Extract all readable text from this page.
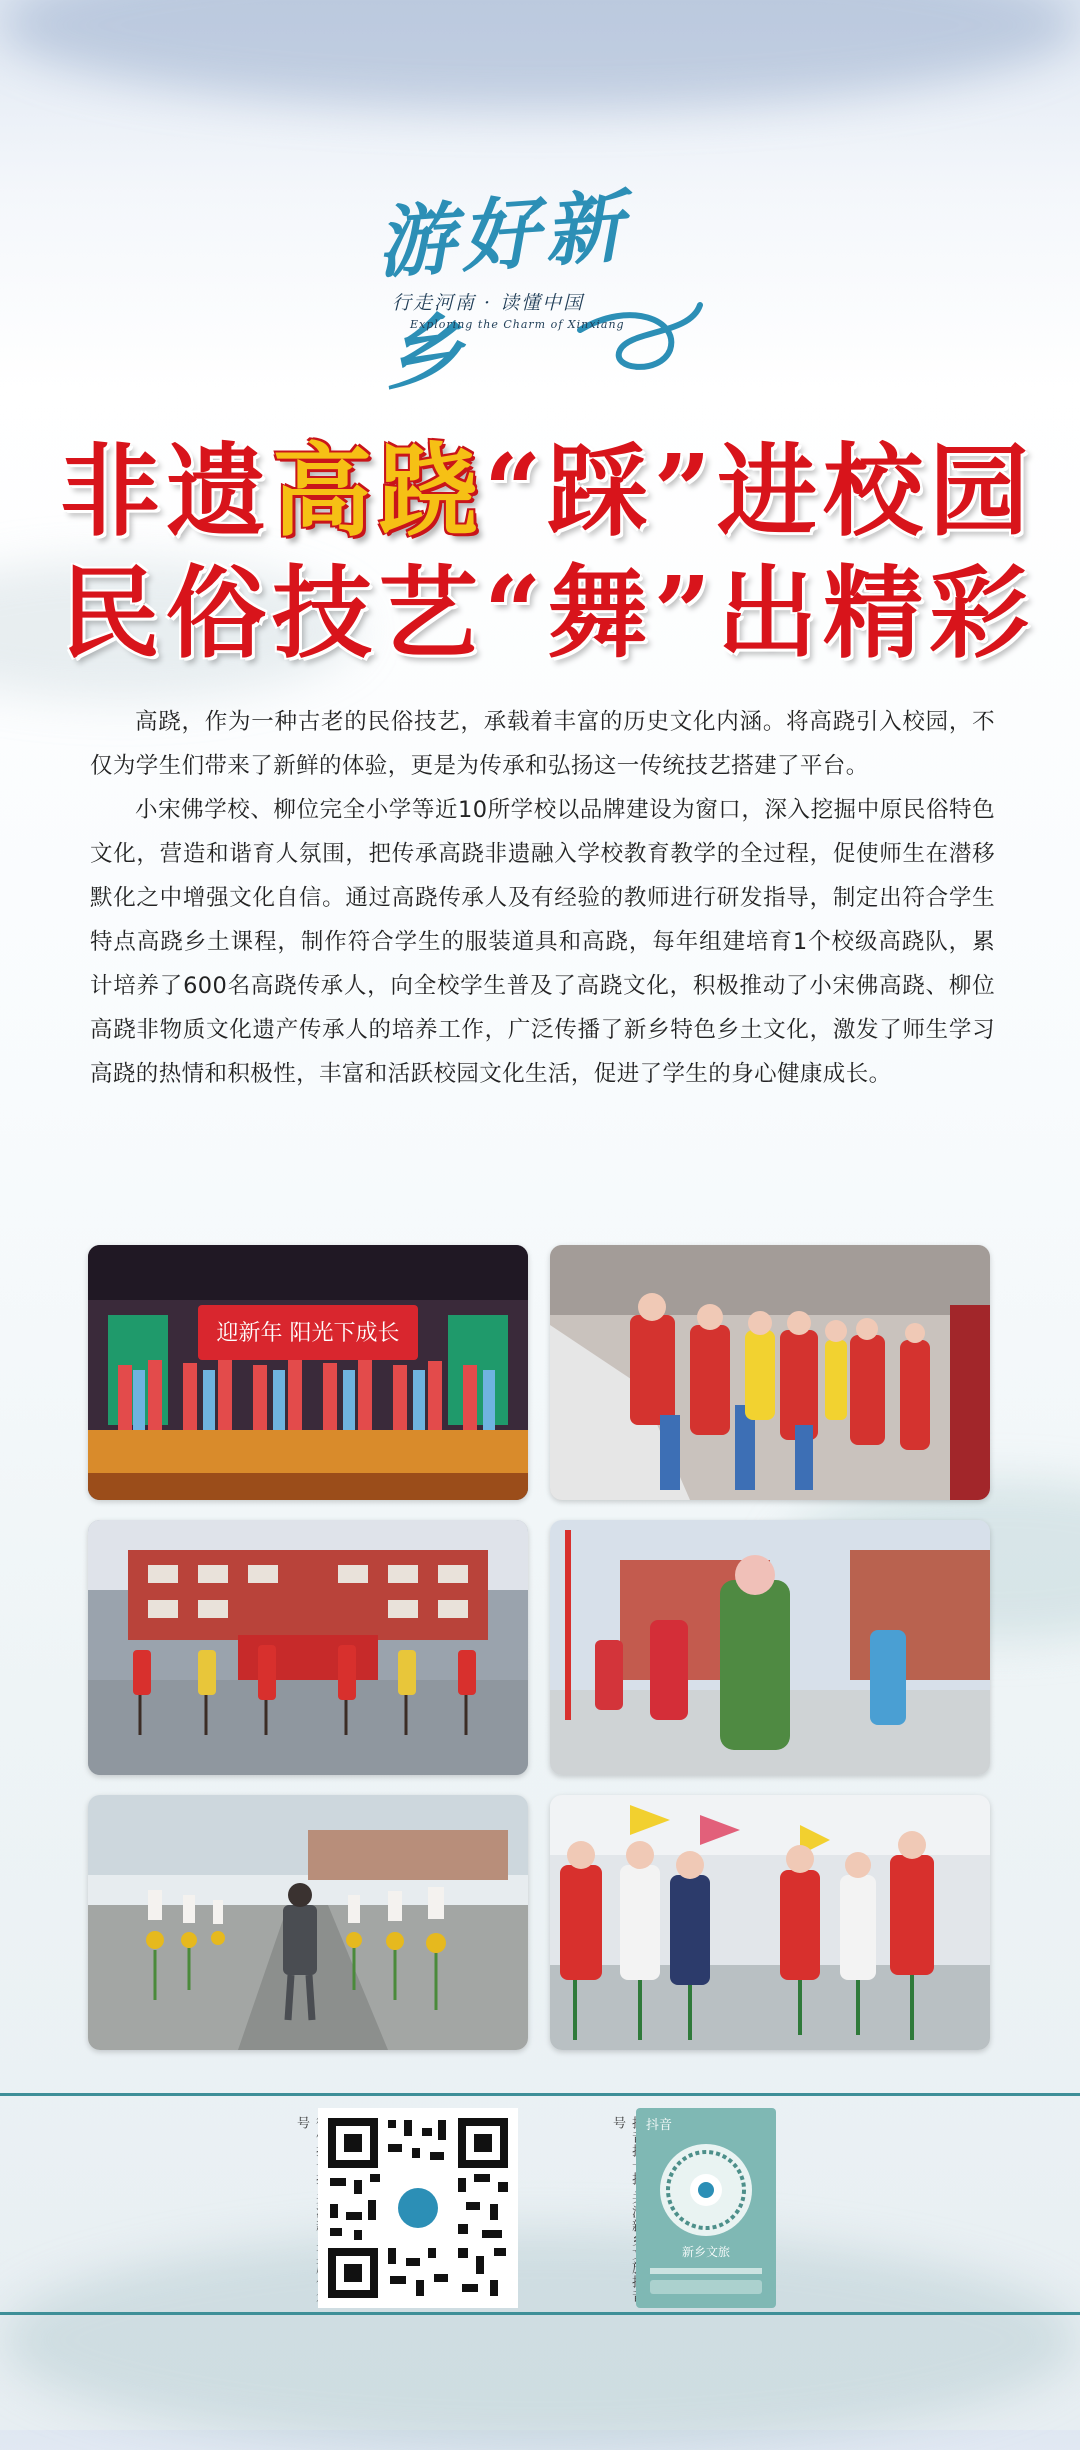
游好新乡
行走河南 · 读懂中国
Exploring the Charm of Xinxiang
非遗高跷“踩”进校园
民俗技艺“舞”出精彩

高跷，作为一种古老的民俗技艺，承载着丰富的历史文化内涵。将高跷引入校园，不仅为学生们带来了新鲜的体验，更是为传承和弘扬这一传统技艺搭建了平台。

小宋佛学校、柳位完全小学等近10所学校以品牌建设为窗口，深入挖掘中原民俗特色文化，营造和谐育人氛围，把传承高跷非遗融入学校教育教学的全过程，促使师生在潜移默化之中增强文化自信。通过高跷传承人及有经验的教师进行研发指导，制定出符合学生特点高跷乡土课程，制作符合学生的服装道具和高跷，每年组建培育1个校级高跷队，累计培养了600名高跷传承人，向全校学生普及了高跷文化，积极推动了小宋佛高跷、柳位高跷非物质文化遗产传承人的培养工作，广泛传播了新乡特色乡土文化，激发了师生学习高跷的热情和积极性，丰富和活跃校园文化生活，促进了学生的身心健康成长。

迎新年 阳光下成长
号	号	抖音
新乡文旅
